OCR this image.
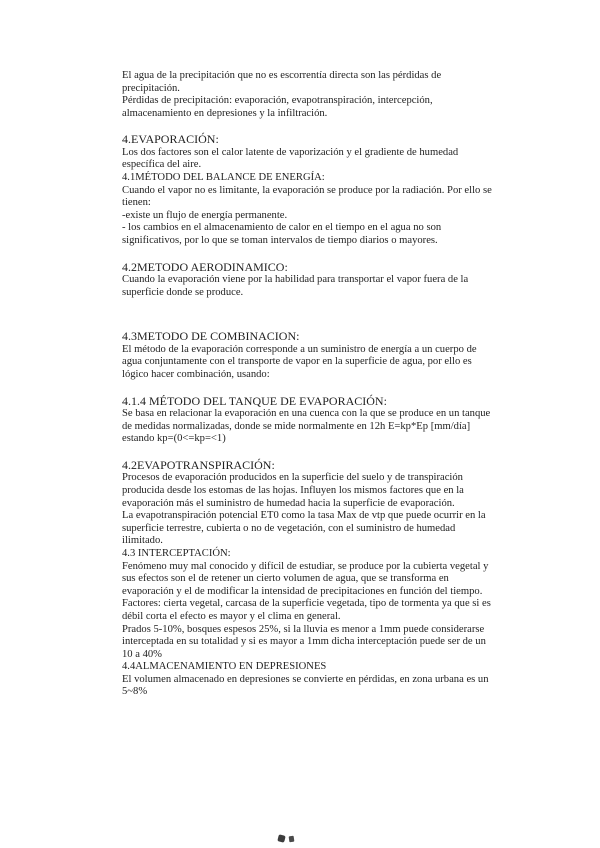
El agua de la precipitación que no es escorrentía directa son las pérdidas de precipitación.

Pérdidas de precipitación: evaporación, evapotranspiración, intercepción, almacenamiento en depresiones y la infiltración.

4.EVAPORACIÓN:

Los dos factores son el calor latente de vaporización y el gradiente de humedad específica del aire.

4.1MÉTODO DEL BALANCE DE ENERGÍA:

Cuando el vapor no es limitante, la evaporación se produce por la radiación. Por ello se tienen:

-existe un flujo de energía permanente.

- los cambios en el almacenamiento de calor en el tiempo en el agua no son significativos, por lo que se toman intervalos de tiempo diarios o mayores.

4.2METODO AERODINAMICO:

Cuando la evaporación viene por la habilidad para transportar el vapor fuera de la superficie donde se produce.

4.3METODO DE COMBINACION:

El método de la evaporación corresponde a un suministro de energía a un cuerpo de agua conjuntamente con el transporte de vapor en la superficie de agua, por ello es lógico hacer combinación, usando:

4.1.4 MÉTODO DEL TANQUE DE EVAPORACIÓN:

Se basa en relacionar la evaporación en una cuenca con la que se produce en un tanque de medidas normalizadas, donde se mide normalmente en 12h E=kp*Ep [mm/día] estando kp=(0<=kp=<1)

4.2EVAPOTRANSPIRACIÓN:

Procesos de evaporación producidos en la superficie del suelo y de transpiración producida desde los estomas de las hojas. Influyen los mismos factores que en la evaporación más el suministro de humedad hacia la superficie de evaporación.

La evapotranspiración potencial ET0 como la tasa Max de vtp que puede ocurrir en la superficie terrestre, cubierta o no de vegetación, con el suministro de humedad ilimitado.

4.3 INTERCEPTACIÓN:

Fenómeno muy mal conocido y difícil de estudiar, se produce por la cubierta vegetal y sus efectos son el de retener un cierto volumen de agua, que se transforma en evaporación y el de modificar la intensidad de precipitaciones en función del tiempo.

Factores: cierta vegetal, carcasa de la superficie vegetada, tipo de tormenta ya que si es débil corta el efecto es mayor y el clima en general.

Prados 5-10%, bosques espesos 25%, si la lluvia es menor a 1mm puede considerarse interceptada en su totalidad y si es mayor a 1mm dicha interceptación puede ser de un 10 a 40%

4.4ALMACENAMIENTO EN DEPRESIONES

El volumen almacenado en depresiones se convierte en pérdidas, en zona urbana es un 5~8%
